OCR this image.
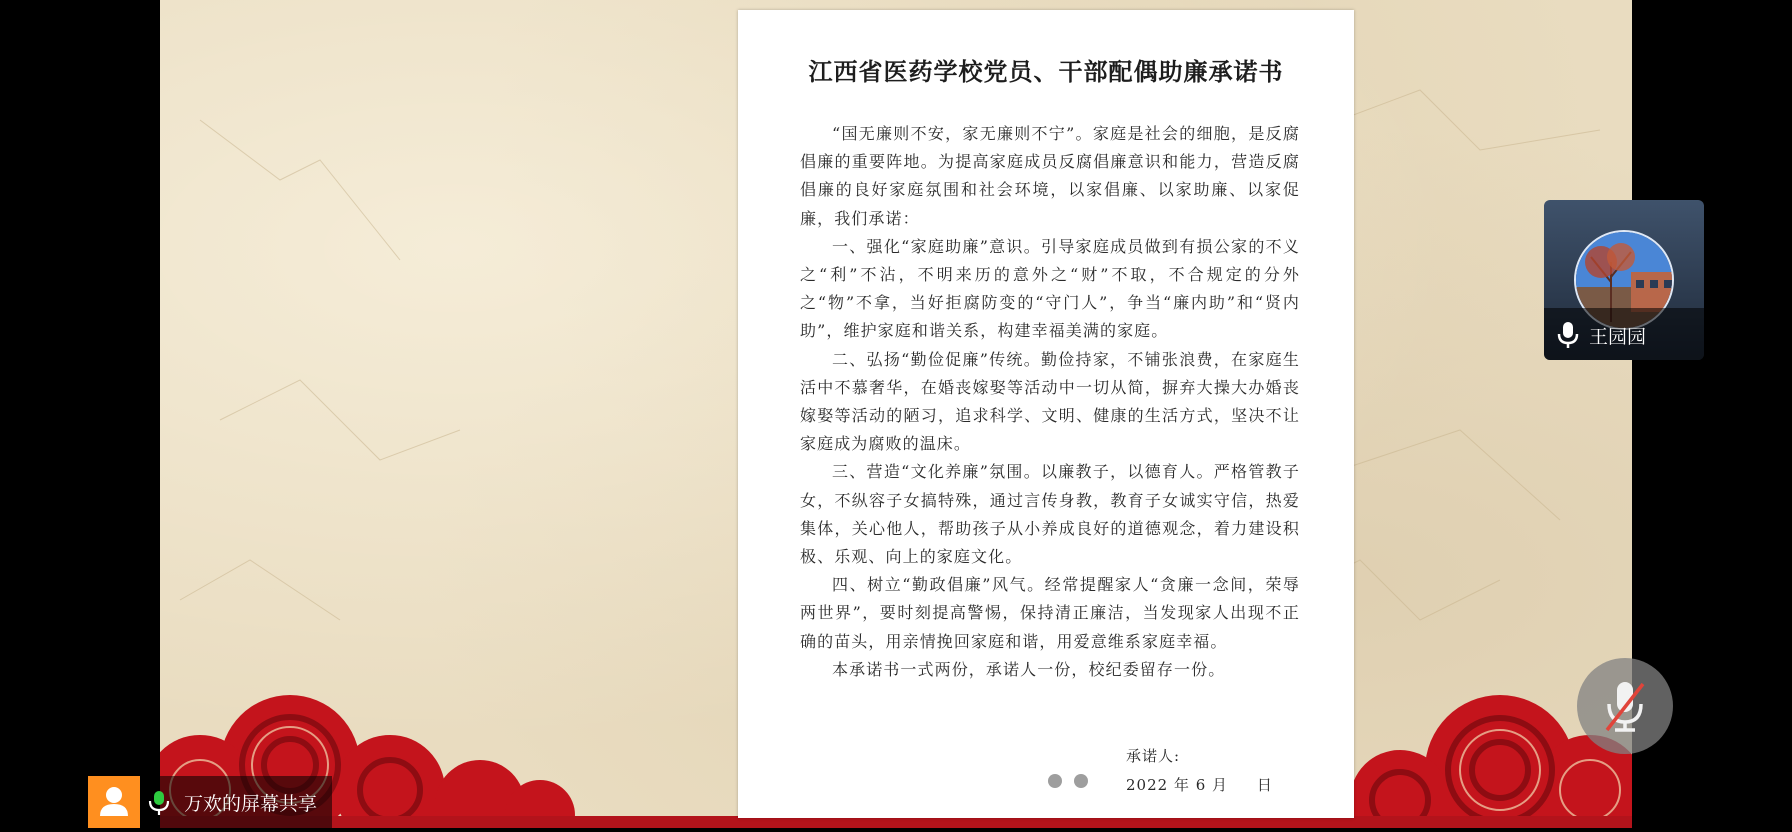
江西省医药学校党员、干部配偶助廉承诺书

“国无廉则不安，家无廉则不宁”。家庭是社会的细胞，是反腐倡廉的重要阵地。为提高家庭成员反腐倡廉意识和能力，营造反腐倡廉的良好家庭氛围和社会环境，以家倡廉、以家助廉、以家促廉，我们承诺：

一、强化“家庭助廉”意识。引导家庭成员做到有损公家的不义之“利”不沾，不明来历的意外之“财”不取，不合规定的分外之“物”不拿，当好拒腐防变的“守门人”，争当“廉内助”和“贤内助”，维护家庭和谐关系，构建幸福美满的家庭。

二、弘扬“勤俭促廉”传统。勤俭持家，不铺张浪费，在家庭生活中不慕奢华，在婚丧嫁娶等活动中一切从简，摒弃大操大办婚丧嫁娶等活动的陋习，追求科学、文明、健康的生活方式，坚决不让家庭成为腐败的温床。

三、营造“文化养廉”氛围。以廉教子，以德育人。严格管教子女，不纵容子女搞特殊，通过言传身教，教育子女诚实守信，热爱集体，关心他人，帮助孩子从小养成良好的道德观念，着力建设积极、乐观、向上的家庭文化。

四、树立“勤政倡廉”风气。经常提醒家人“贪廉一念间，荣辱两世界”，要时刻提高警惕，保持清正廉洁，当发现家人出现不正确的苗头，用亲情挽回家庭和谐，用爱意维系家庭幸福。

本承诺书一式两份，承诺人一份，校纪委留存一份。

承诺人:
2022 年 6 月     日
王园园
万欢的屏幕共享
